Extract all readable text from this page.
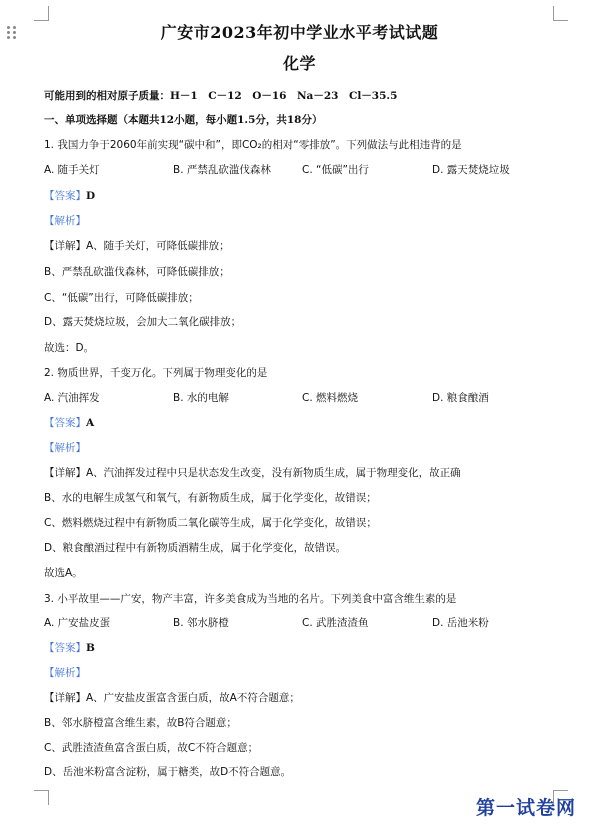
广安市2023年初中学业水平考试试题
化学
可能用到的相对原子质量：H－1　C－12　O－16　Na－23　Cl－35.5
一、单项选择题（本题共12小题，每小题1.5分，共18分）
1. 我国力争于2060年前实现“碳中和”，即CO₂的相对“零排放”。下列做法与此相违背的是
A. 随手关灯	B. 严禁乱砍滥伐森林	C. “低碳”出行	D. 露天焚烧垃圾
【答案】D
【解析】
【详解】A、随手关灯，可降低碳排放；
B、严禁乱砍滥伐森林，可降低碳排放；
C、“低碳”出行，可降低碳排放；
D、露天焚烧垃圾，会加大二氧化碳排放；
故选：D。
2. 物质世界，千变万化。下列属于物理变化的是
A. 汽油挥发	B. 水的电解	C. 燃料燃烧	D. 粮食酿酒
【答案】A
【解析】
【详解】A、汽油挥发过程中只是状态发生改变，没有新物质生成，属于物理变化，故正确
B、水的电解生成氢气和氧气，有新物质生成，属于化学变化，故错误；
C、燃料燃烧过程中有新物质二氧化碳等生成，属于化学变化，故错误；
D、粮食酿酒过程中有新物质酒精生成，属于化学变化，故错误。
故选A。
3. 小平故里——广安，物产丰富，许多美食成为当地的名片。下列美食中富含维生素的是
A. 广安盐皮蛋	B. 邻水脐橙	C. 武胜渣渣鱼	D. 岳池米粉
【答案】B
【解析】
【详解】A、广安盐皮蛋富含蛋白质，故A不符合题意；
B、邻水脐橙富含维生素，故B符合题意；
C、武胜渣渣鱼富含蛋白质，故C不符合题意；
D、岳池米粉富含淀粉，属于糖类，故D不符合题意。
第一试卷网
